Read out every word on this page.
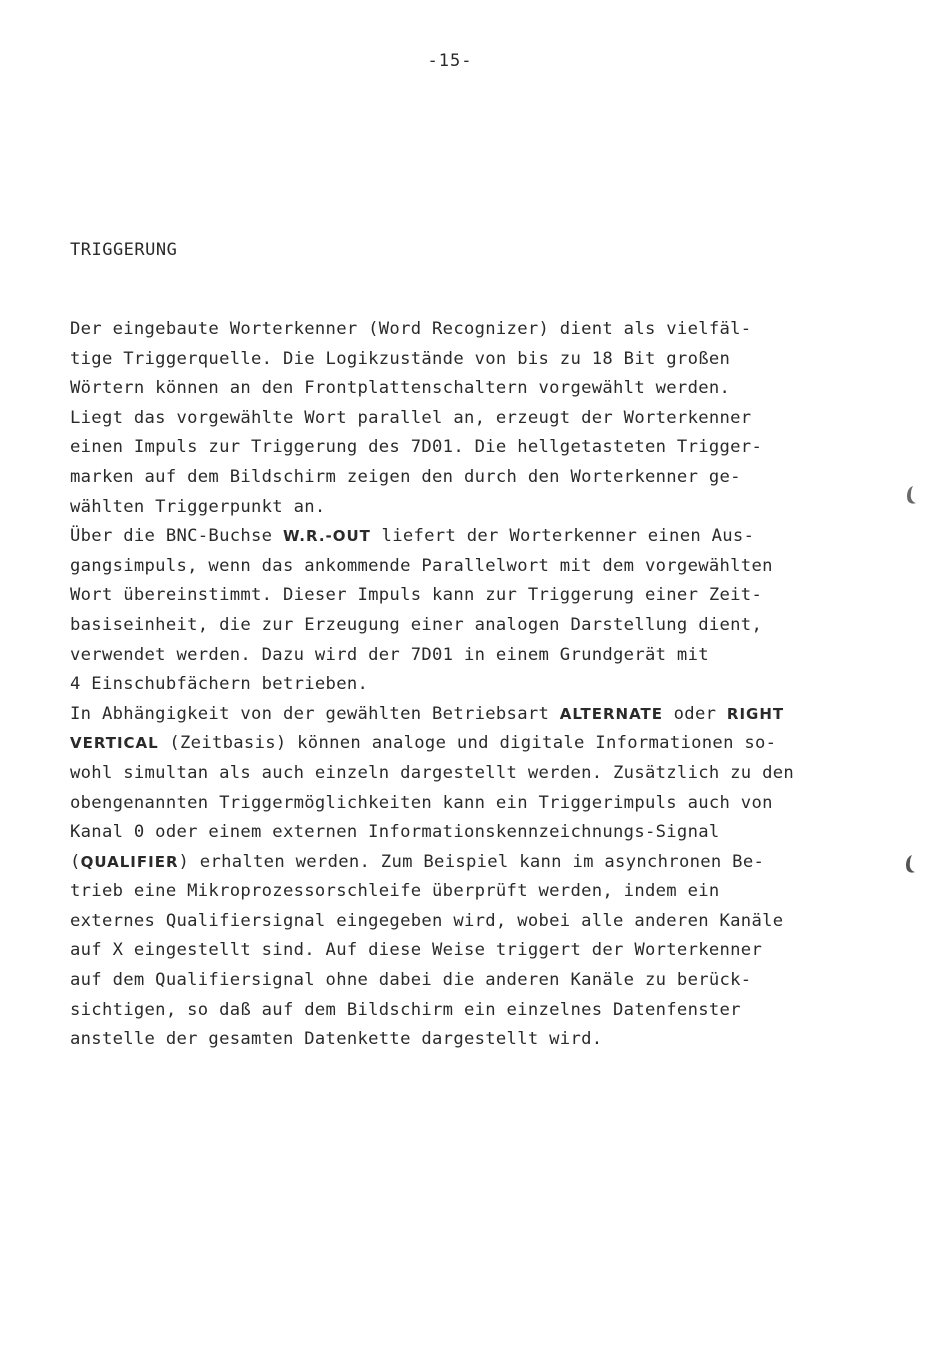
-15-
TRIGGERUNG
Der eingebaute Worterkenner (Word Recognizer) dient als vielfäl-
tige Triggerquelle. Die Logikzustände von bis zu 18 Bit großen
Wörtern können an den Frontplattenschaltern vorgewählt werden.
Liegt das vorgewählte Wort parallel an, erzeugt der Worterkenner
einen Impuls zur Triggerung des 7D01. Die hellgetasteten Trigger-
marken auf dem Bildschirm zeigen den durch den Worterkenner ge-
wählten Triggerpunkt an.
Über die BNC-Buchse W.R.-OUT liefert der Worterkenner einen Aus-
gangsimpuls, wenn das ankommende Parallelwort mit dem vorgewählten
Wort übereinstimmt. Dieser Impuls kann zur Triggerung einer Zeit-
basiseinheit, die zur Erzeugung einer analogen Darstellung dient,
verwendet werden. Dazu wird der 7D01 in einem Grundgerät mit
4 Einschubfächern betrieben.
In Abhängigkeit von der gewählten Betriebsart ALTERNATE oder RIGHT
VERTICAL (Zeitbasis) können analoge und digitale Informationen so-
wohl simultan als auch einzeln dargestellt werden. Zusätzlich zu den
obengenannten Triggermöglichkeiten kann ein Triggerimpuls auch von
Kanal 0 oder einem externen Informationskennzeichnungs-Signal
(QUALIFIER) erhalten werden. Zum Beispiel kann im asynchronen Be-
trieb eine Mikroprozessorschleife überprüft werden, indem ein
externes Qualifiersignal eingegeben wird, wobei alle anderen Kanäle
auf X eingestellt sind. Auf diese Weise triggert der Worterkenner
auf dem Qualifiersignal ohne dabei die anderen Kanäle zu berück-
sichtigen, so daß auf dem Bildschirm ein einzelnes Datenfenster
anstelle der gesamten Datenkette dargestellt wird.
